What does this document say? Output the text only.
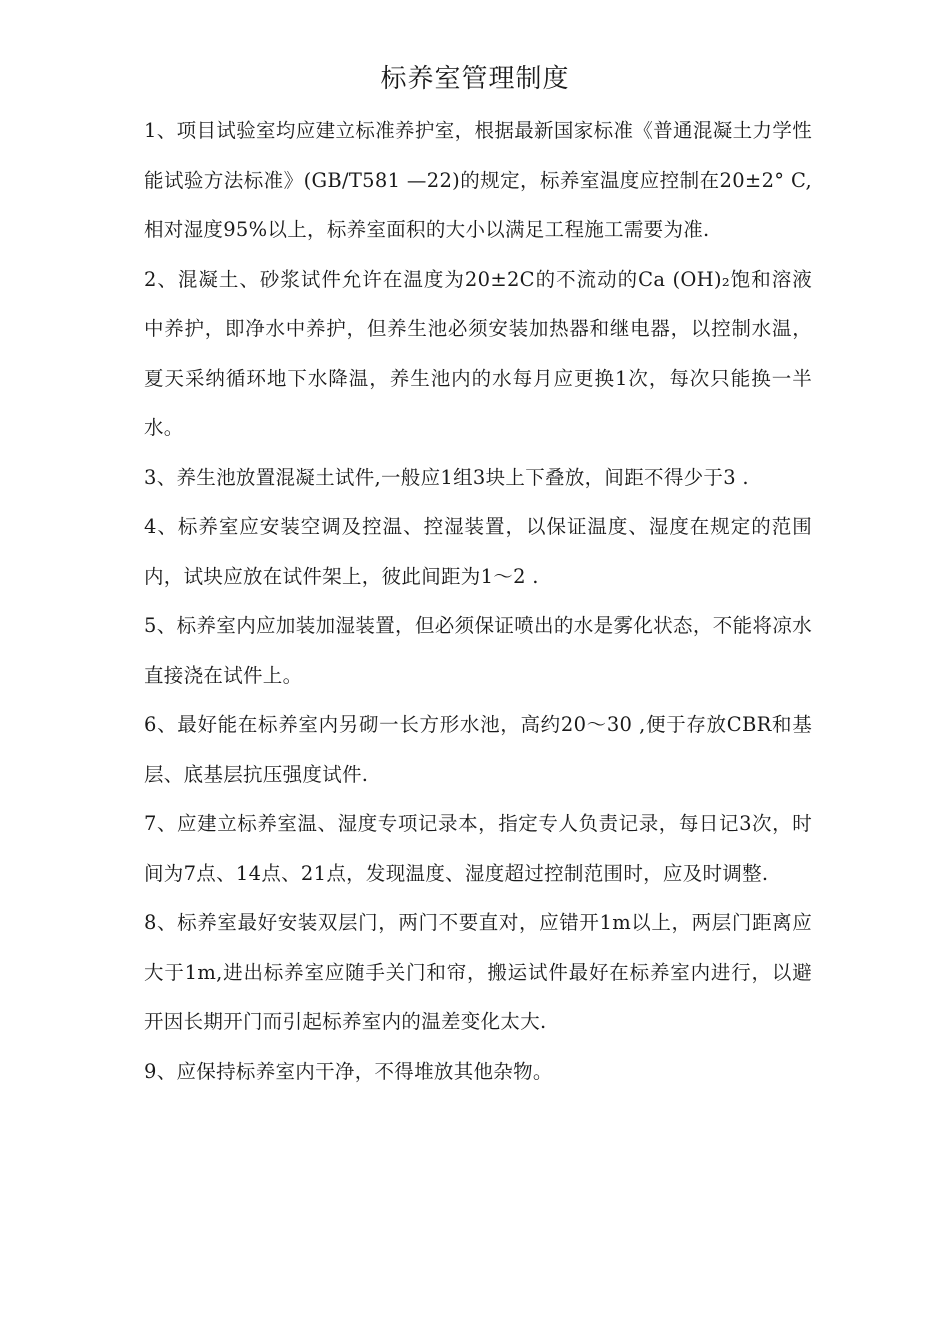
标养室管理制度

1、项目试验室均应建立标准养护室，根据最新国家标准《普通混凝土力学性能试验方法标准》(GB/T581 —22)的规定，标养室温度应控制在20±2° C,相对湿度95%以上，标养室面积的大小以满足工程施工需要为准.

2、混凝土、砂浆试件允许在温度为20±2C的不流动的Ca (OH)₂饱和溶液中养护，即净水中养护，但养生池必须安装加热器和继电器，以控制水温，夏天采纳循环地下水降温，养生池内的水每月应更换1次，每次只能换一半水。

3、养生池放置混凝土试件,一般应1组3块上下叠放，间距不得少于3 .

4、标养室应安装空调及控温、控湿装置，以保证温度、湿度在规定的范围内，试块应放在试件架上，彼此间距为1〜2 .

5、标养室内应加装加湿装置，但必须保证喷出的水是雾化状态，不能将凉水直接浇在试件上。

6、最好能在标养室内另砌一长方形水池，高约20〜30 ,便于存放CBR和基层、底基层抗压强度试件.

7、应建立标养室温、湿度专项记录本，指定专人负责记录，每日记3次，时间为7点、14点、21点，发现温度、湿度超过控制范围时，应及时调整.

8、标养室最好安装双层门，两门不要直对，应错开1m以上，两层门距离应大于1m,进出标养室应随手关门和帘，搬运试件最好在标养室内进行，以避开因长期开门而引起标养室内的温差变化太大.

9、应保持标养室内干净，不得堆放其他杂物。
